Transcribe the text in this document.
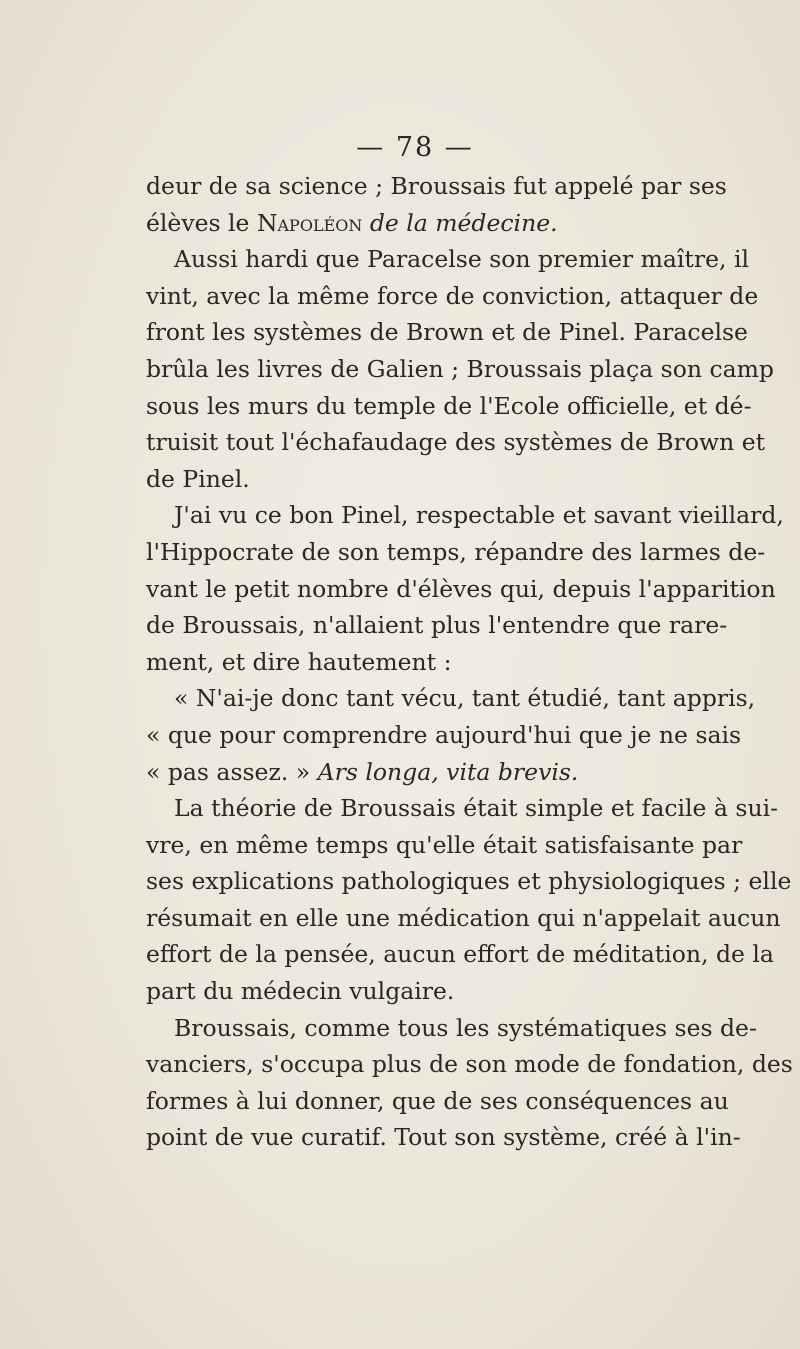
— 78 —
deur de sa science ; Broussais fut appelé par ses
élèves le Napoléon de la médecine.
Aussi hardi que Paracelse son premier maître, il
vint, avec la même force de conviction, attaquer de
front les systèmes de Brown et de Pinel. Paracelse
brûla les livres de Galien ; Broussais plaça son camp
sous les murs du temple de l'Ecole officielle, et dé-
truisit tout l'échafaudage des systèmes de Brown et
de Pinel.
J'ai vu ce bon Pinel, respectable et savant vieillard,
l'Hippocrate de son temps, répandre des larmes de-
vant le petit nombre d'élèves qui, depuis l'apparition
de Broussais, n'allaient plus l'entendre que rare-
ment, et dire hautement :
« N'ai-je donc tant vécu, tant étudié, tant appris,
« que pour comprendre aujourd'hui que je ne sais
« pas assez. » Ars longa, vita brevis.
La théorie de Broussais était simple et facile à sui-
vre, en même temps qu'elle était satisfaisante par
ses explications pathologiques et physiologiques ; elle
résumait en elle une médication qui n'appelait aucun
effort de la pensée, aucun effort de méditation, de la
part du médecin vulgaire.
Broussais, comme tous les systématiques ses de-
vanciers, s'occupa plus de son mode de fondation, des
formes à lui donner, que de ses conséquences au
point de vue curatif. Tout son système, créé à l'in-
